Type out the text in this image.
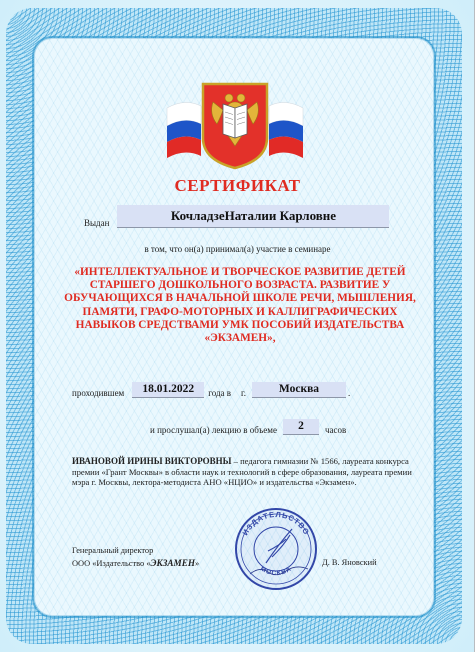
СЕРТИФИКАТ
Выдан	КочладзеНаталии Карловне
в том, что он(а) принимал(а) участие в семинаре
«ИНТЕЛЛЕКТУАЛЬНОЕ И ТВОРЧЕСКОЕ РАЗВИТИЕ ДЕТЕЙ СТАРШЕГО ДОШКОЛЬНОГО ВОЗРАСТА. РАЗВИТИЕ У ОБУЧАЮЩИХСЯ В НАЧАЛЬНОЙ ШКОЛЕ РЕЧИ, МЫШЛЕНИЯ, ПАМЯТИ, ГРАФО-МОТОРНЫХ И КАЛЛИГРАФИЧЕСКИХ НАВЫКОВ СРЕДСТВАМИ УМК ПОСОБИЙ ИЗДАТЕЛЬСТВА «ЭКЗАМЕН»,
проходившем	18.01.2022	года в г.	Москва	.
и прослушал(а) лекцию в объеме	2	часов
ИВАНОВОЙ ИРИНЫ ВИКТОРОВНЫ – педагога гимназии № 1566, лауреата конкурса премии «Грант Москвы» в области наук и технологий в сфере образования, лауреата премии мэра г. Москвы, лектора-методиста АНО «НЦИО» и издательства «Экзамен».
Генеральный директор
ООО «Издательство «ЭКЗАМЕН»
ИЗДАТЕЛЬСТВО
МОСКВА
Д. В. Яновский
